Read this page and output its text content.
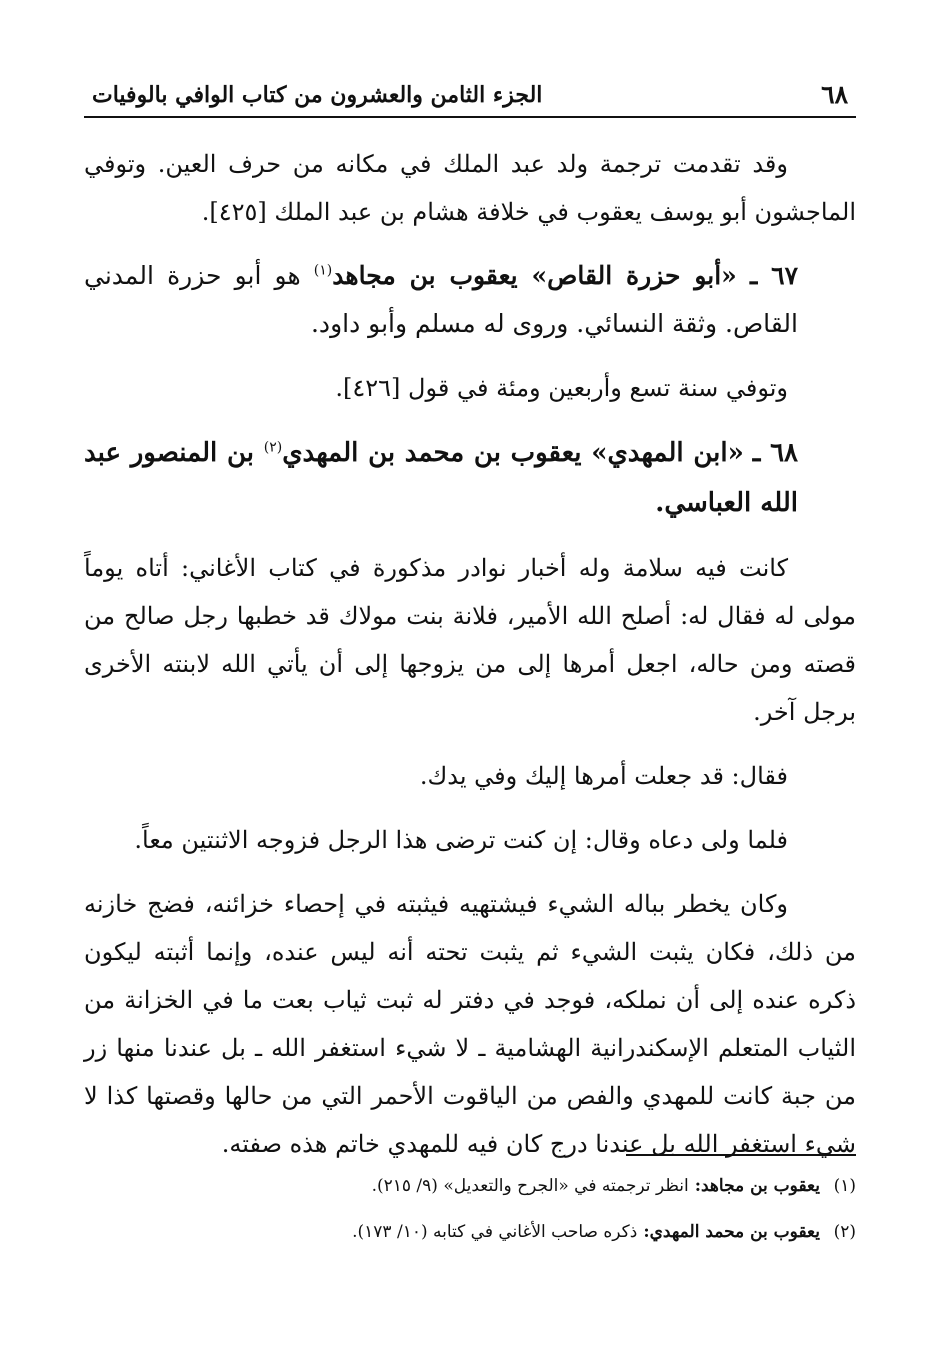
٦٨
الجزء الثامن والعشرون من كتاب الوافي بالوفيات

وقد تقدمت ترجمة ولد عبد الملك في مكانه من حرف العين. وتوفي الماجشون أبو يوسف يعقوب في خلافة هشام بن عبد الملك [٤٢٥].

٦٧ ـ «أبو حزرة القاص» يعقوب بن مجاهد$^{(١)}$ هو أبو حزرة المدني القاص. وثقة النسائي. وروى له مسلم وأبو داود.

وتوفي سنة تسع وأربعين ومئة في قول [٤٢٦].

٦٨ ـ «ابن المهدي» يعقوب بن محمد بن المهدي$^{(٢)}$ بن المنصور عبد الله العباسي.

كانت فيه سلامة وله أخبار نوادر مذكورة في كتاب الأغاني: أتاه يوماً مولى له فقال له: أصلح الله الأمير، فلانة بنت مولاك قد خطبها رجل صالح من قصته ومن حاله، اجعل أمرها إلى من يزوجها إلى أن يأتي الله لابنته الأخرى برجل آخر.

فقال: قد جعلت أمرها إليك وفي يدك.

فلما ولى دعاه وقال: إن كنت ترضى هذا الرجل فزوجه الاثنتين معاً.

وكان يخطر بباله الشيء فيشتهيه فيثبته في إحصاء خزائنه، فضج خازنه من ذلك، فكان يثبت الشيء ثم يثبت تحته أنه ليس عنده، وإنما أثبته ليكون ذكره عنده إلى أن نملكه، فوجد في دفتر له ثبت ثياب بعت ما في الخزانة من الثياب المتعلم الإسكندرانية الهشامية ـ لا شيء استغفر الله ـ بل عندنا منها زر من جبة كانت للمهدي والفص من الياقوت الأحمر التي من حالها وقصتها كذا لا شيء استغفر الله بل عندنا درج كان فيه للمهدي خاتم هذه صفته.

(١)
يعقوب بن مجاهد:
انظر ترجمته في «الجرح والتعديل» (٩/ ٢١٥).
(٢)
يعقوب بن محمد المهدي:
ذكره صاحب الأغاني في كتابه (١٠/ ١٧٣).
